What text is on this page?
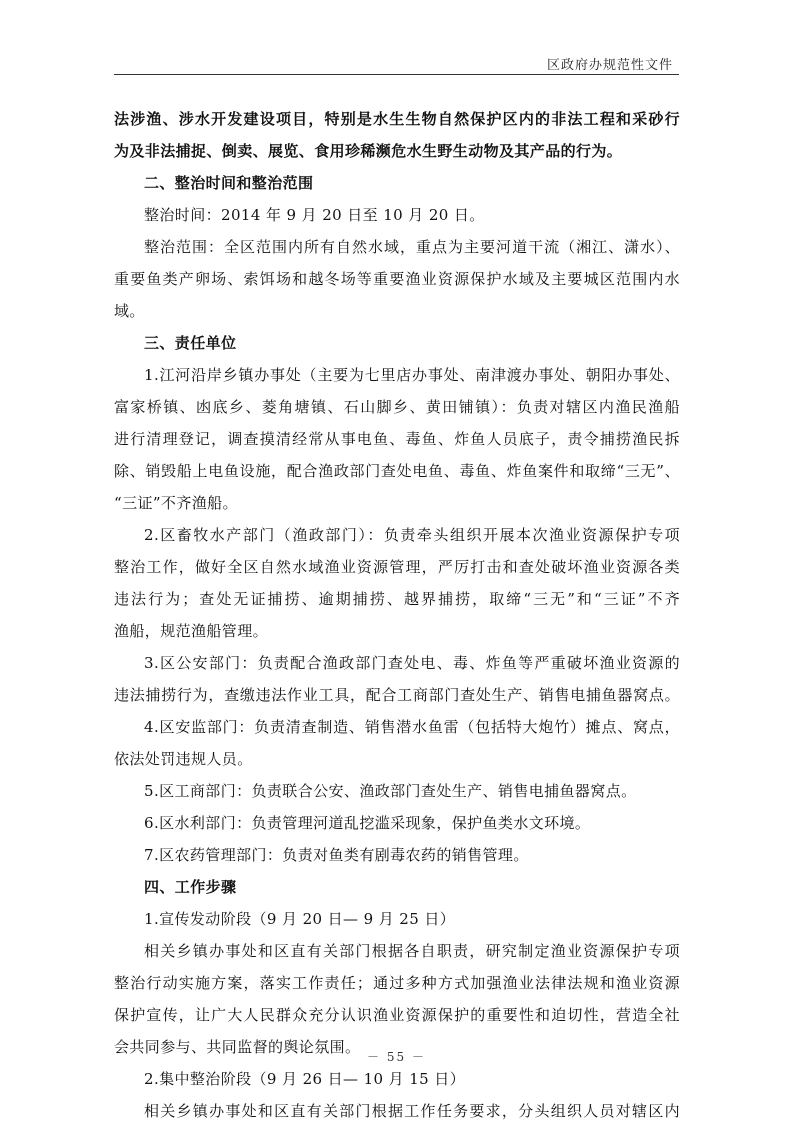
区政府办规范性文件
法涉渔、涉水开发建设项目，特别是水生生物自然保护区内的非法工程和采砂行
为及非法捕捉、倒卖、展览、食用珍稀濒危水生野生动物及其产品的行为。
二、整治时间和整治范围
整治时间：2014 年 9 月 20 日至 10 月 20 日。
整治范围：全区范围内所有自然水域，重点为主要河道干流（湘江、潇水）、
重要鱼类产卵场、索饵场和越冬场等重要渔业资源保护水域及主要城区范围内水
域。
三、责任单位
1.江河沿岸乡镇办事处（主要为七里店办事处、南津渡办事处、朝阳办事处、
富家桥镇、凼底乡、菱角塘镇、石山脚乡、黄田铺镇）：负责对辖区内渔民渔船
进行清理登记，调查摸清经常从事电鱼、毒鱼、炸鱼人员底子，责令捕捞渔民拆
除、销毁船上电鱼设施，配合渔政部门查处电鱼、毒鱼、炸鱼案件和取缔“三无”、
“三证”不齐渔船。
2.区畜牧水产部门（渔政部门）：负责牵头组织开展本次渔业资源保护专项
整治工作，做好全区自然水域渔业资源管理，严厉打击和查处破坏渔业资源各类
违法行为；查处无证捕捞、逾期捕捞、越界捕捞，取缔“三无”和“三证”不齐
渔船，规范渔船管理。
3.区公安部门：负责配合渔政部门查处电、毒、炸鱼等严重破坏渔业资源的
违法捕捞行为，查缴违法作业工具，配合工商部门查处生产、销售电捕鱼器窝点。
4.区安监部门：负责清查制造、销售潜水鱼雷（包括特大炮竹）摊点、窝点，
依法处罚违规人员。
5.区工商部门：负责联合公安、渔政部门查处生产、销售电捕鱼器窝点。
6.区水利部门：负责管理河道乱挖滥采现象，保护鱼类水文环境。
7.区农药管理部门：负责对鱼类有剧毒农药的销售管理。
四、工作步骤
1.宣传发动阶段（9 月 20 日— 9 月 25 日）
相关乡镇办事处和区直有关部门根据各自职责，研究制定渔业资源保护专项
整治行动实施方案，落实工作责任；通过多种方式加强渔业法律法规和渔业资源
保护宣传，让广大人民群众充分认识渔业资源保护的重要性和迫切性，营造全社
会共同参与、共同监督的舆论氛围。
2.集中整治阶段（9 月 26 日— 10 月 15 日）
相关乡镇办事处和区直有关部门根据工作任务要求，分头组织人员对辖区内
－ 55 －
